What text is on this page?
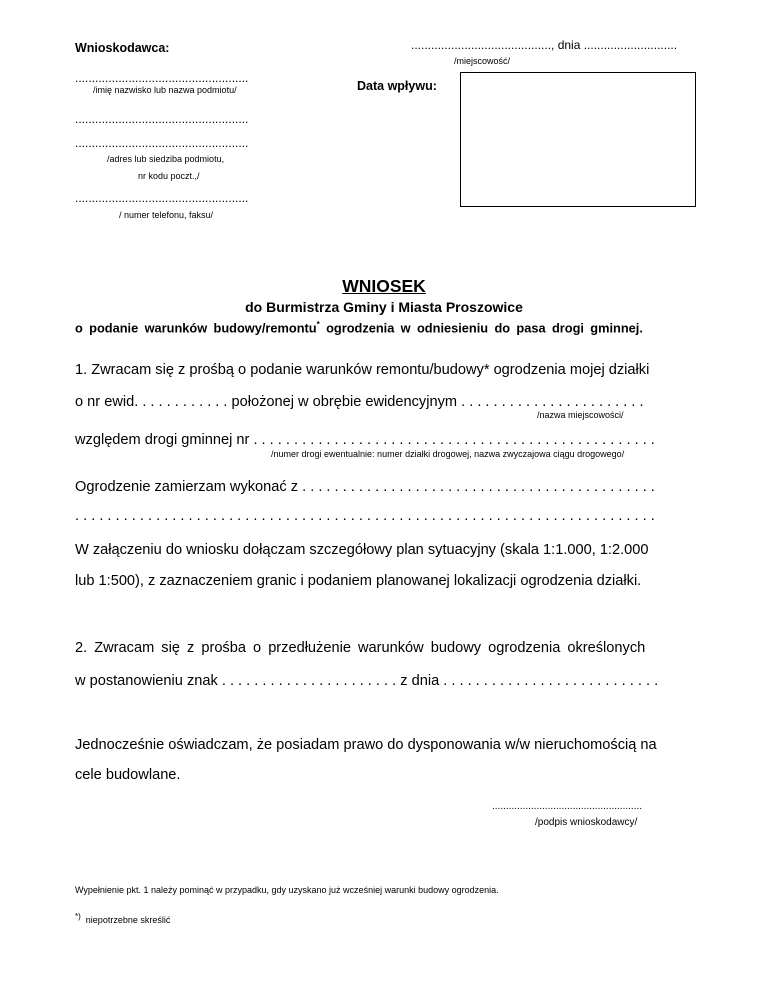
Wnioskodawca:	.........................................., dnia ............................
/miejscowość/
....................................................
/imię nazwisko lub nazwa podmiotu/	Data wpływu:
....................................................
....................................................
/adres lub siedziba podmiotu,
nr kodu poczt.,/
....................................................
/ numer telefonu, faksu/
WNIOSEK
do Burmistrza Gminy i Miasta Proszowice
o podanie warunków budowy/remontu* ogrodzenia w odniesieniu do pasa drogi gminnej.
1. Zwracam się z prośbą o podanie warunków remontu/budowy* ogrodzenia mojej działki
o nr ewid. . . . . . . . . . . . położonej w obrębie ewidencyjnym . . . . . . . . . . . . . . . . . . . . . . .
/nazwa miejscowości/
względem drogi gminnej nr . . . . . . . . . . . . . . . . . . . . . . . . . . . . . . . . . . . . . . . . . . . . . . . . . .
/numer drogi ewentualnie: numer działki drogowej, nazwa zwyczajowa ciągu drogowego/
Ogrodzenie zamierzam wykonać z . . . . . . . . . . . . . . . . . . . . . . . . . . . . . . . . . . . . . . . . . . . .
. . . . . . . . . . . . . . . . . . . . . . . . . . . . . . . . . . . . . . . . . . . . . . . . . . . . . . . . . . . . . . . . . . . . . . . .
W załączeniu do wniosku dołączam szczegółowy plan sytuacyjny (skala 1:1.000, 1:2.000
lub 1:500), z zaznaczeniem granic i podaniem planowanej lokalizacji ogrodzenia działki.
2. Zwracam się z prośba o przedłużenie warunków budowy ogrodzenia określonych
w postanowieniu znak . . . . . . . . . . . . . . . . . . . . . . z dnia . . . . . . . . . . . . . . . . . . . . . . . . . . .
Jednocześnie oświadczam, że posiadam prawo do dysponowania w/w nieruchomością na
cele budowlane.
......................................................
/podpis wnioskodawcy/
Wypełnienie pkt. 1 należy pominąć w przypadku, gdy uzyskano już wcześniej warunki budowy ogrodzenia.
*) niepotrzebne skreślić
